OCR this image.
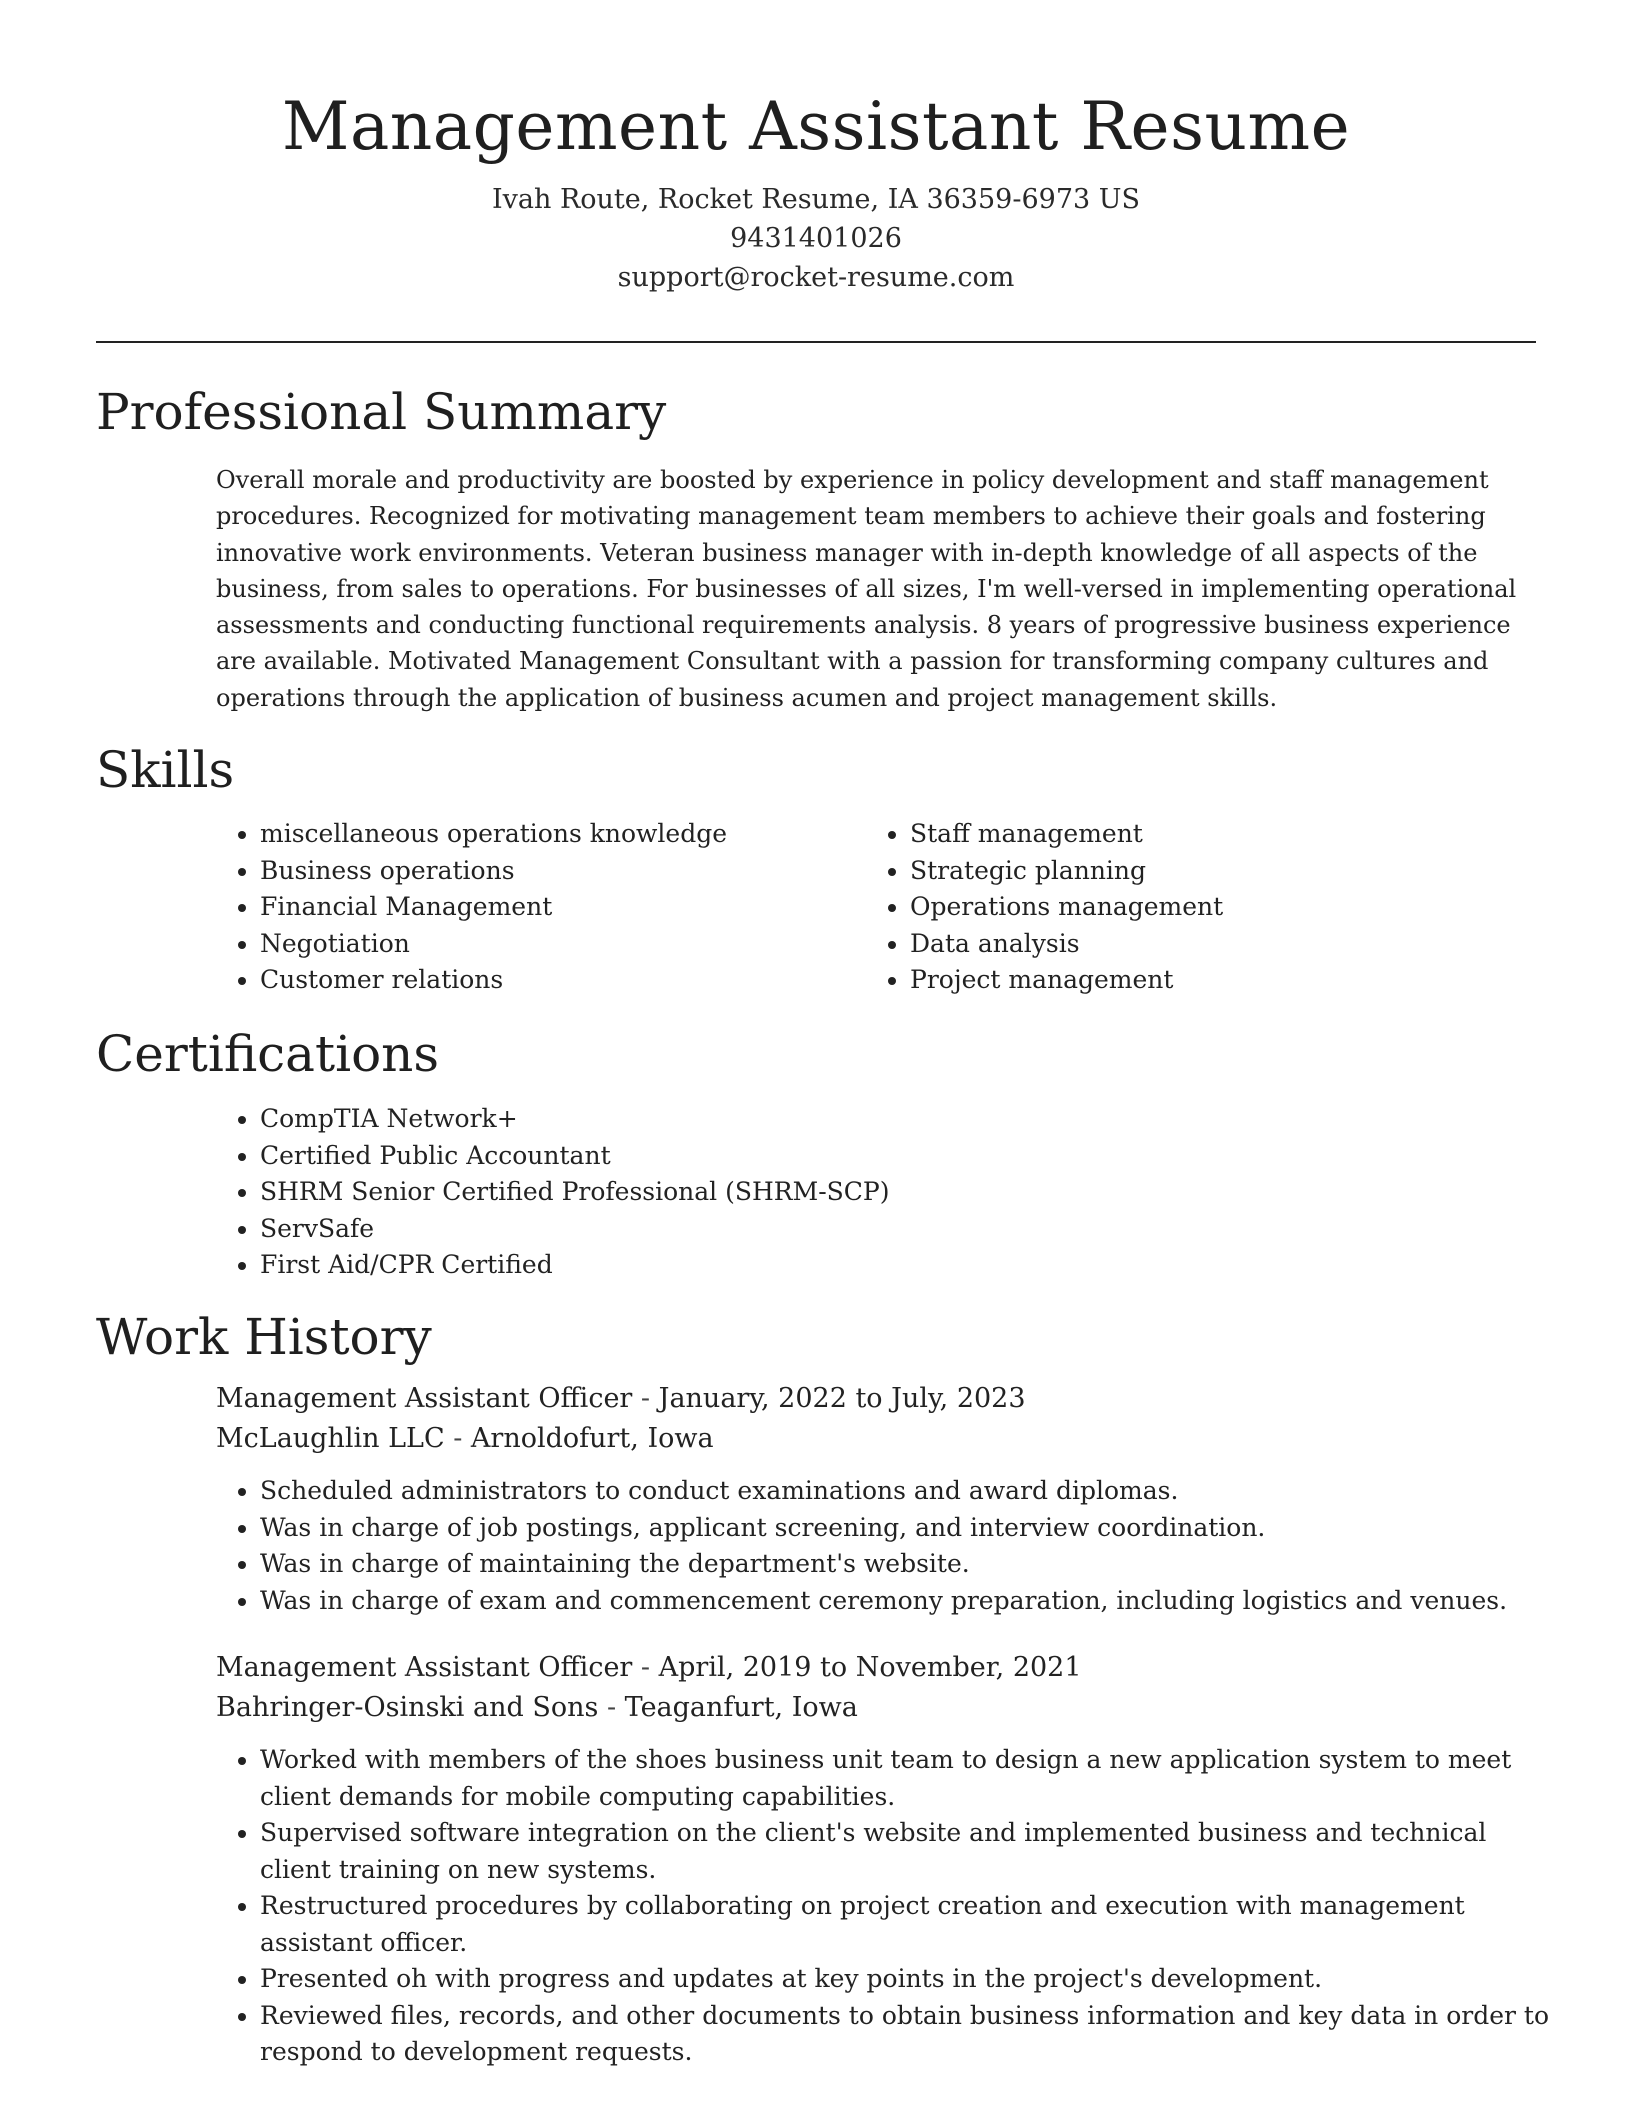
Management Assistant Resume
Ivah Route, Rocket Resume, IA 36359-6973 US
9431401026
support@rocket-resume.com
Professional Summary
Overall morale and productivity are boosted by experience in policy development and staff management procedures. Recognized for motivating management team members to achieve their goals and fostering innovative work environments. Veteran business manager with in-depth knowledge of all aspects of the business, from sales to operations. For businesses of all sizes, I'm well-versed in implementing operational assessments and conducting functional requirements analysis. 8 years of progressive business experience are available. Motivated Management Consultant with a passion for transforming company cultures and operations through the application of business acumen and project management skills.
Skills
• miscellaneous operations knowledge
• Business operations
• Financial Management
• Negotiation
• Customer relations
• Staff management
• Strategic planning
• Operations management
• Data analysis
• Project management
Certifications
• CompTIA Network+
• Certified Public Accountant
• SHRM Senior Certified Professional (SHRM-SCP)
• ServSafe
• First Aid/CPR Certified
Work History
Management Assistant Officer - January, 2022 to July, 2023
McLaughlin LLC - Arnoldofurt, Iowa
• Scheduled administrators to conduct examinations and award diplomas.
• Was in charge of job postings, applicant screening, and interview coordination.
• Was in charge of maintaining the department's website.
• Was in charge of exam and commencement ceremony preparation, including logistics and venues.
Management Assistant Officer - April, 2019 to November, 2021
Bahringer-Osinski and Sons - Teaganfurt, Iowa
• Worked with members of the shoes business unit team to design a new application system to meet client demands for mobile computing capabilities.
• Supervised software integration on the client's website and implemented business and technical client training on new systems.
• Restructured procedures by collaborating on project creation and execution with management assistant officer.
• Presented oh with progress and updates at key points in the project's development.
• Reviewed files, records, and other documents to obtain business information and key data in order to respond to development requests.
